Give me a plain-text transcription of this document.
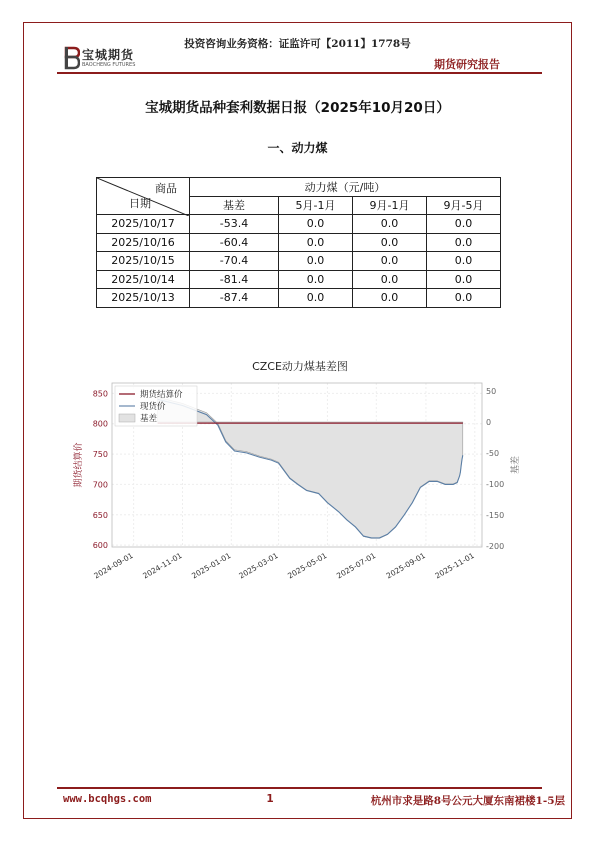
投资咨询业务资格：证监许可【2011】1778号
宝城期货
BAOCHENG FUTURES	期货研究报告
宝城期货品种套利数据日报（2025年10月20日）
一、动力煤
商品
日期	动力煤（元/吨）			
	基差	5月-1月	9月-1月	9月-5月
2025/10/17	-53.4	0.0	0.0	0.0
2025/10/16	-60.4	0.0	0.0	0.0
2025/10/15	-70.4	0.0	0.0	0.0
2025/10/14	-81.4	0.0	0.0	0.0
2025/10/13	-87.4	0.0	0.0	0.0
CZCE动力煤基差图
600
650
700
750
800
850
-200
-150
-100
-50
0
50
2024-09-01 2024-11-01 2025-01-01 2025-03-01 2025-05-01 2025-07-01 2025-09-01 2025-11-01
期货结算价	基差
期货结算价
现货价
基差
www.bcqhgs.com	1	杭州市求是路8号公元大厦东南裙楼1-5层
